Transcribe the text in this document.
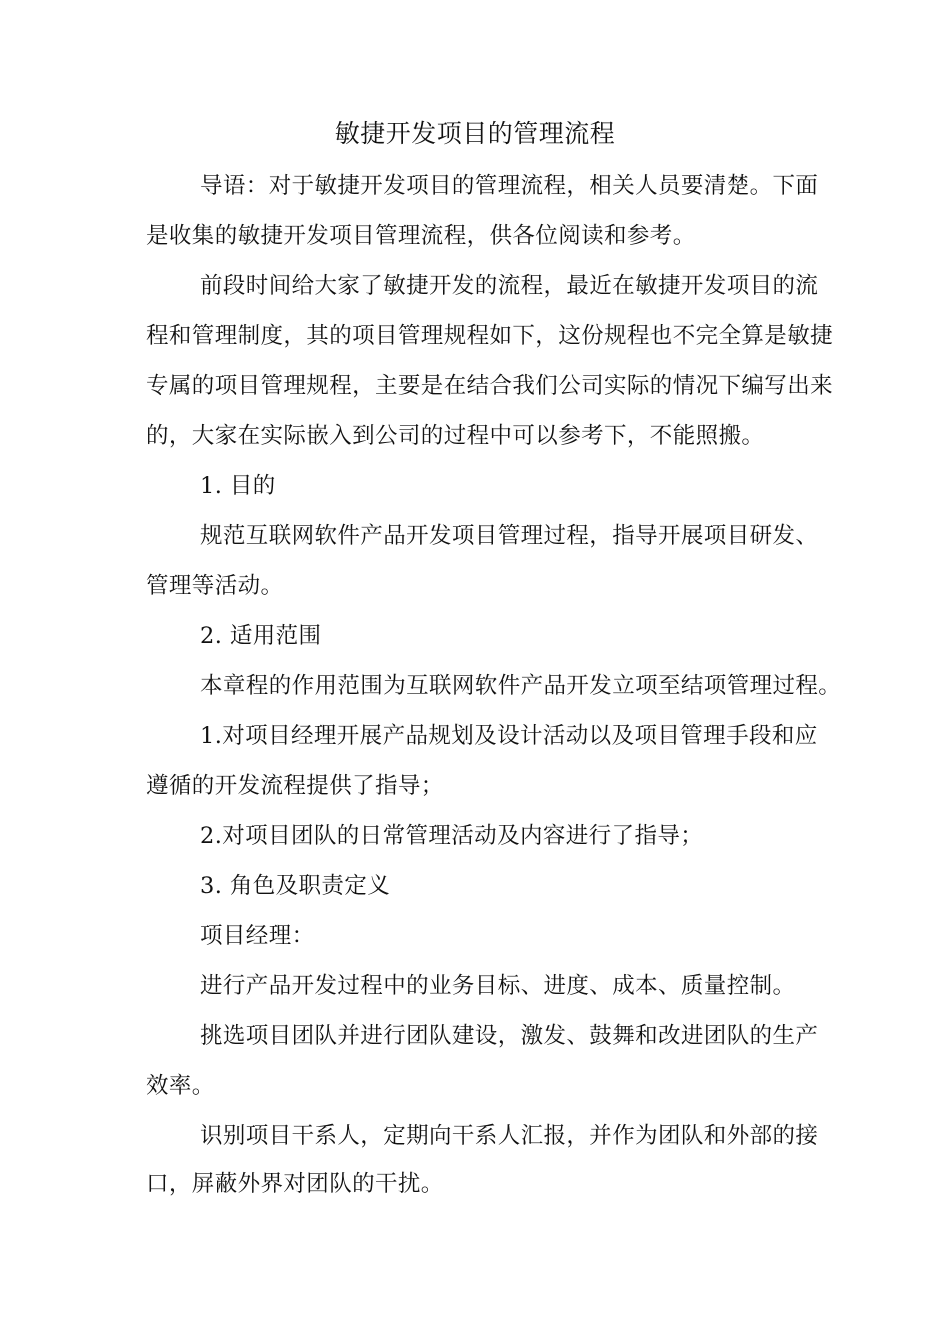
敏捷开发项目的管理流程
导语：对于敏捷开发项目的管理流程，相关人员要清楚。下面
是收集的敏捷开发项目管理流程，供各位阅读和参考。
前段时间给大家了敏捷开发的流程，最近在敏捷开发项目的流
程和管理制度，其的项目管理规程如下，这份规程也不完全算是敏捷
专属的项目管理规程，主要是在结合我们公司实际的情况下编写出来
的，大家在实际嵌入到公司的过程中可以参考下，不能照搬。
1. 目的
规范互联网软件产品开发项目管理过程，指导开展项目研发、
管理等活动。
2. 适用范围
本章程的作用范围为互联网软件产品开发立项至结项管理过程。
1.对项目经理开展产品规划及设计活动以及项目管理手段和应
遵循的开发流程提供了指导；
2.对项目团队的日常管理活动及内容进行了指导；
3. 角色及职责定义
项目经理：
进行产品开发过程中的业务目标、进度、成本、质量控制。
挑选项目团队并进行团队建设，激发、鼓舞和改进团队的生产
效率。
识别项目干系人，定期向干系人汇报，并作为团队和外部的接
口，屏蔽外界对团队的干扰。
